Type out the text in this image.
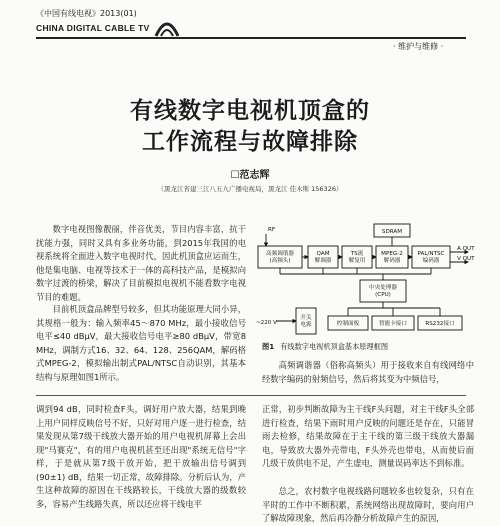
《中国有线电视》2013(01)
CHINA DIGITAL CABLE TV
· 维护与维修 ·
有线数字电视机顶盒的
工作流程与故障排除
☐范志辉
（黑龙江省建三江八五九广播电视局，黑龙江 佳木斯 156326）
数字电视图像靓丽，伴音优美，节目内容丰富，抗干扰能力强，同时又具有多业务功能，到2015年我国的电视系统将全面进入数字电视时代，因此机顶盒应运而生，他是集电脑、电视等技术于一体的高科技产品，是模拟向数字过渡的桥梁，解决了目前模拟电视机不能看数字电视节目的难题。
目前机顶盒品牌型号较多，但其功能原理大同小异，其规格一般为：输入频率45～870 MHz，最小接收信号电平≤40 dBμV，最大接收信号电平≥80 dBμV，带宽8 MHz，调制方式16、32、64、128、256QAM，解码格式MPEG-2，模拟输出制式PAL/NTSC自动识别，其基本结构与原理如图1所示。
RF	SDRAM
高频调谐器(高频头)
QAM 解调器
TS流解复用
MPEG-2 解码器
PAL/NTSC 编码器
A OUT
V OUT
中央处理器(CPU)
开关电源	控制面板	智能卡接口	RS232接口
~220 V
图1 有线数字电视机顶盒基本原理框图
高频调谐器（俗称高频头）用于接收来自有线网络中经数字编码的射频信号，然后将其变为中频信号，
调到94 dB，同时检查F头，调好用户放大器，结果到晚上用户同样反映信号不好，只好对用户逐一进行检查，结果发现从第7级干线放大器开始的用户电视机屏幕上会出现"马赛克"，有的用户电视机甚至还出现"系统无信号"字样，于是就从第7级干放开始，把干放输出信号调到(90±1) dB，结果一切正常，故障排除。分析后认为，产生这种故障的原因在干线路较长，干线放大器的级数较多，容易产生线路失真，所以还应将干线电平
正常，初步判断故障为主干线F头问题，对主干线F头全部进行检查，结果下雨时用户反映的问题还是存在，只能冒雨去检修，结果故障在于主干线的第三级干线放大器漏电，导致放大器外壳带电，F头外壳也带电，从而使后面几级干放供电不足，产生虚电，测量误码率达不到标准。
总之，农村数字电视线路问题较多也较复杂，只有在平时的工作中不断积累，系统网络出现故障时，要向用户了解故障现象，然后再冷静分析故障产生的原因，
